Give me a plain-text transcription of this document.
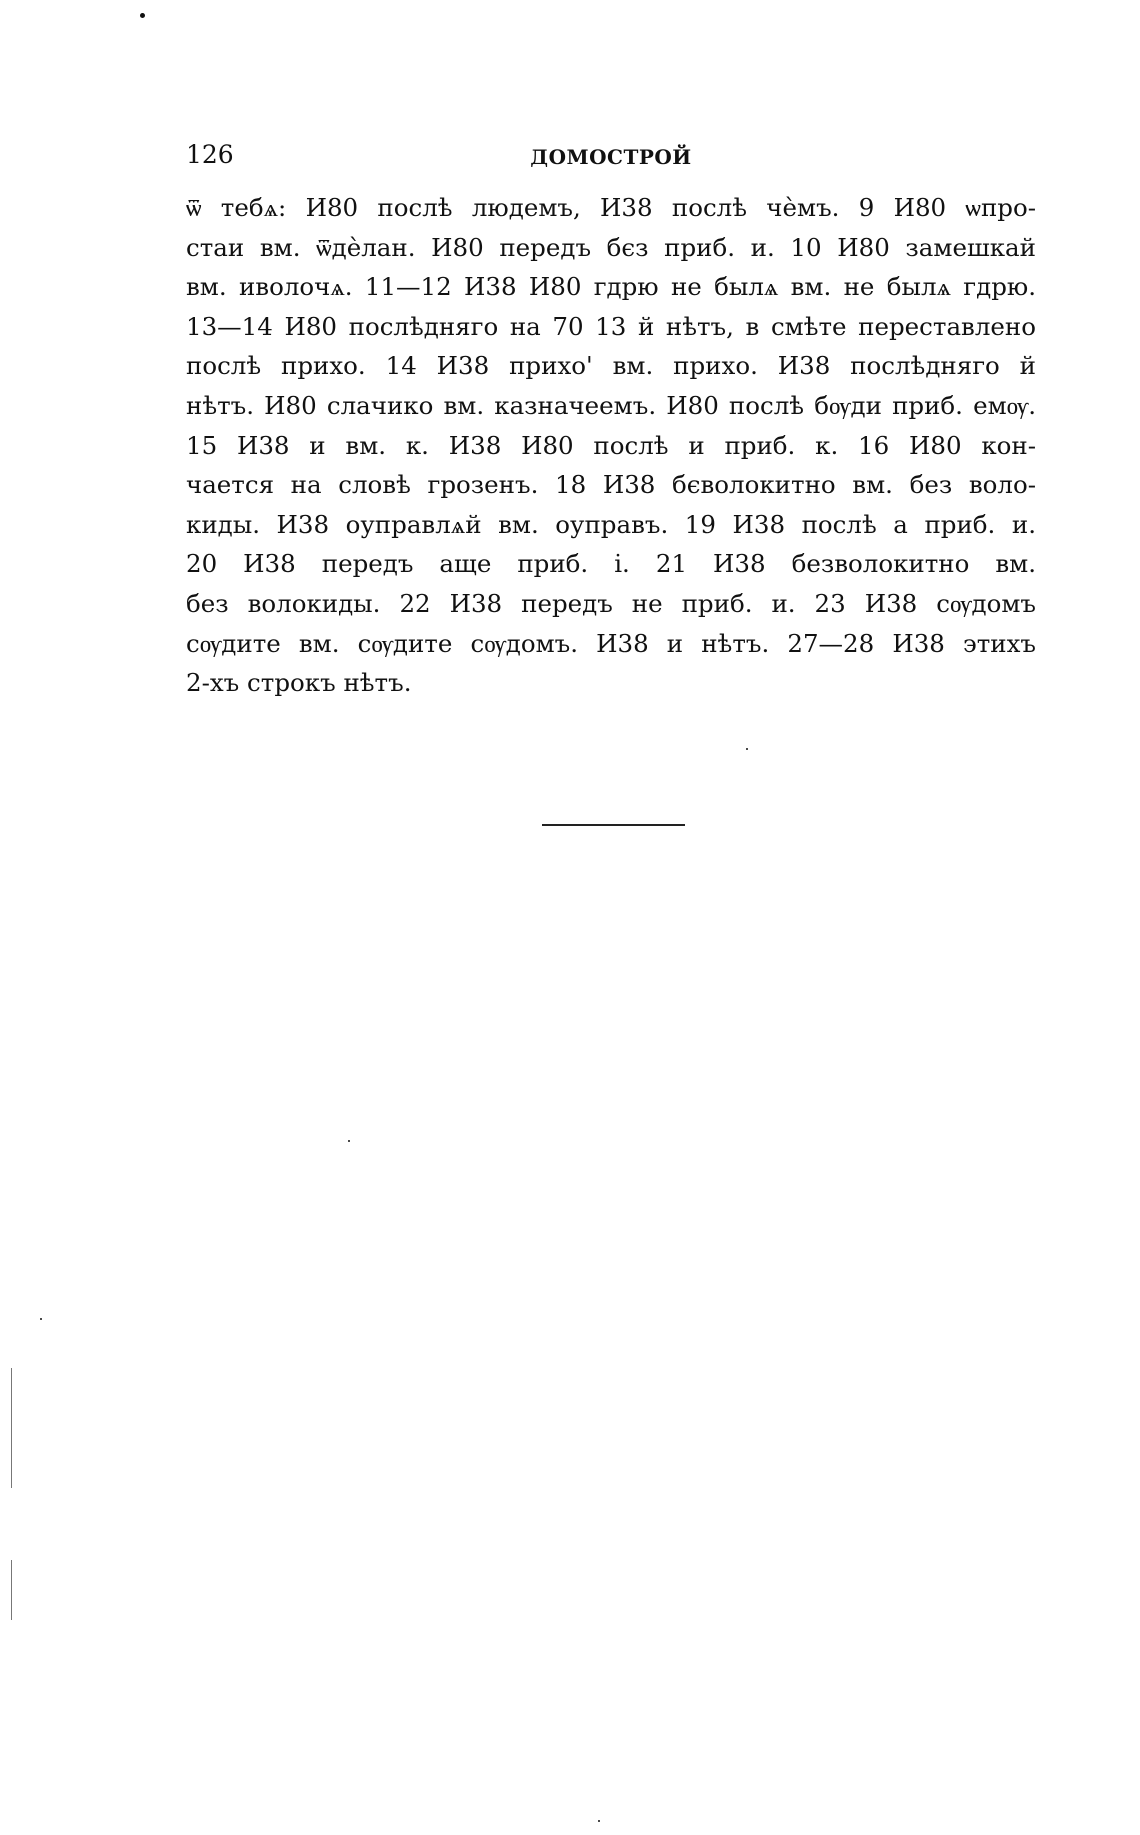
126	ДОМОСТРОЙ
ѿ тебѧ: И80 послѣ людемъ, И38 послѣ чѐмъ. 9 И80 ѡпро-
стаи вм. ѿдѐлан. И80 передъ бєз приб. и. 10 И80 замешкай
вм. иволочѧ. 11—12 И38 И80 гдрю не былѧ вм. не былѧ гдрю.
13—14 И80 послѣдняго на 70 13 й нѣтъ, в смѣте переставлено
послѣ прихо. 14 И38 прихо' вм. прихо. И38 послѣдняго й
нѣтъ. И80 слачико вм. казначеемъ. И80 послѣ бѹди приб. емѹ.
15 И38 и вм. к. И38 И80 послѣ и приб. к. 16 И80 кон-
чается на словѣ грозенъ. 18 И38 бєволокитно вм. без воло-
киды. И38 оуправлѧй вм. оуправъ. 19 И38 послѣ а приб. и.
20 И38 передъ аще приб. і. 21 И38 безволокитно вм.
без волокиды. 22 И38 передъ не приб. и. 23 И38 сѹдомъ
сѹдите вм. сѹдите сѹдомъ. И38 и нѣтъ. 27—28 И38 этихъ
2-хъ строкъ нѣтъ.
